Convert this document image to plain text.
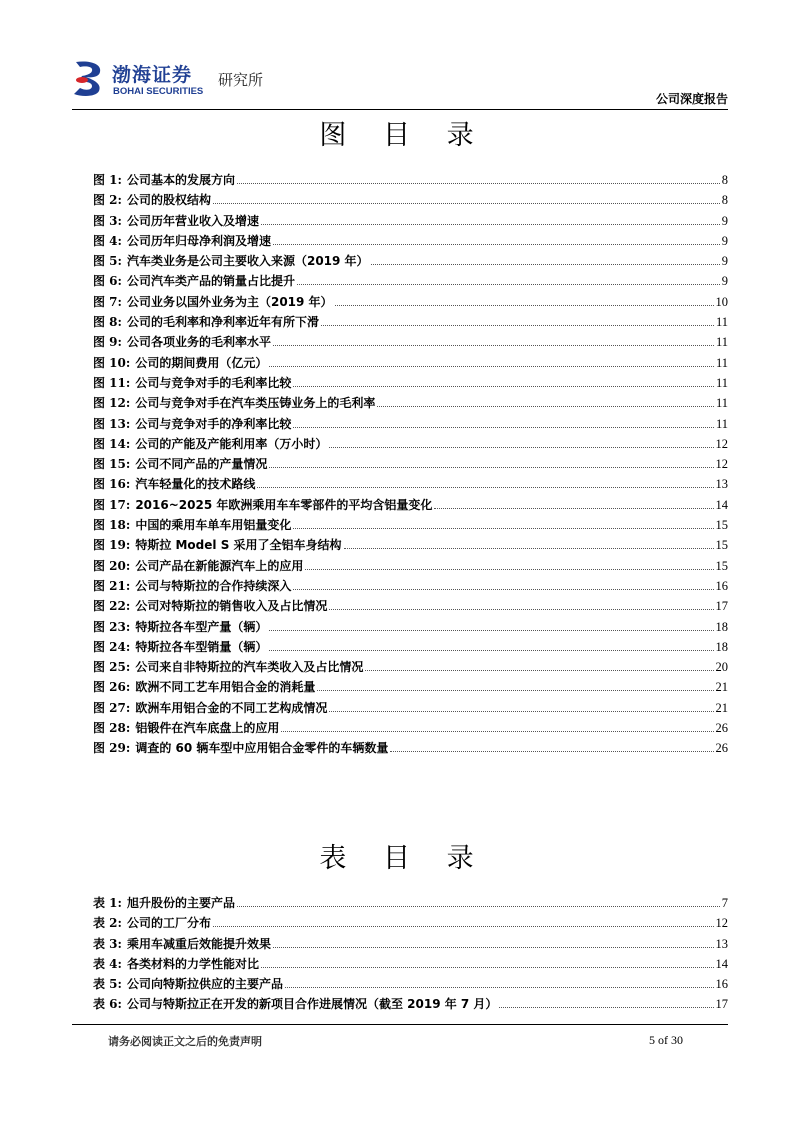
渤海证券
BOHAI SECURITIES
研究所
公司深度报告
图 目 录
图 1: 公司基本的发展方向	8
图 2: 公司的股权结构	8
图 3: 公司历年营业收入及增速	9
图 4: 公司历年归母净利润及增速	9
图 5: 汽车类业务是公司主要收入来源（2019 年）	9
图 6: 公司汽车类产品的销量占比提升	9
图 7: 公司业务以国外业务为主（2019 年）	10
图 8: 公司的毛利率和净利率近年有所下滑	11
图 9: 公司各项业务的毛利率水平	11
图 10: 公司的期间费用（亿元）	11
图 11: 公司与竞争对手的毛利率比较	11
图 12: 公司与竞争对手在汽车类压铸业务上的毛利率	11
图 13: 公司与竞争对手的净利率比较	11
图 14: 公司的产能及产能利用率（万小时）	12
图 15: 公司不同产品的产量情况	12
图 16: 汽车轻量化的技术路线	13
图 17: 2016~2025 年欧洲乘用车车零部件的平均含铝量变化	14
图 18: 中国的乘用车单车用铝量变化	15
图 19: 特斯拉 Model S 采用了全铝车身结构	15
图 20: 公司产品在新能源汽车上的应用	15
图 21: 公司与特斯拉的合作持续深入	16
图 22: 公司对特斯拉的销售收入及占比情况	17
图 23: 特斯拉各车型产量（辆）	18
图 24: 特斯拉各车型销量（辆）	18
图 25: 公司来自非特斯拉的汽车类收入及占比情况	20
图 26: 欧洲不同工艺车用铝合金的消耗量	21
图 27: 欧洲车用铝合金的不同工艺构成情况	21
图 28: 铝锻件在汽车底盘上的应用	26
图 29: 调查的 60 辆车型中应用铝合金零件的车辆数量	26
表 目 录
表 1: 旭升股份的主要产品	7
表 2: 公司的工厂分布	12
表 3: 乘用车减重后效能提升效果	13
表 4: 各类材料的力学性能对比	14
表 5: 公司向特斯拉供应的主要产品	16
表 6: 公司与特斯拉正在开发的新项目合作进展情况（截至 2019 年 7 月）	17
请务必阅读正文之后的免责声明	5 of 30
